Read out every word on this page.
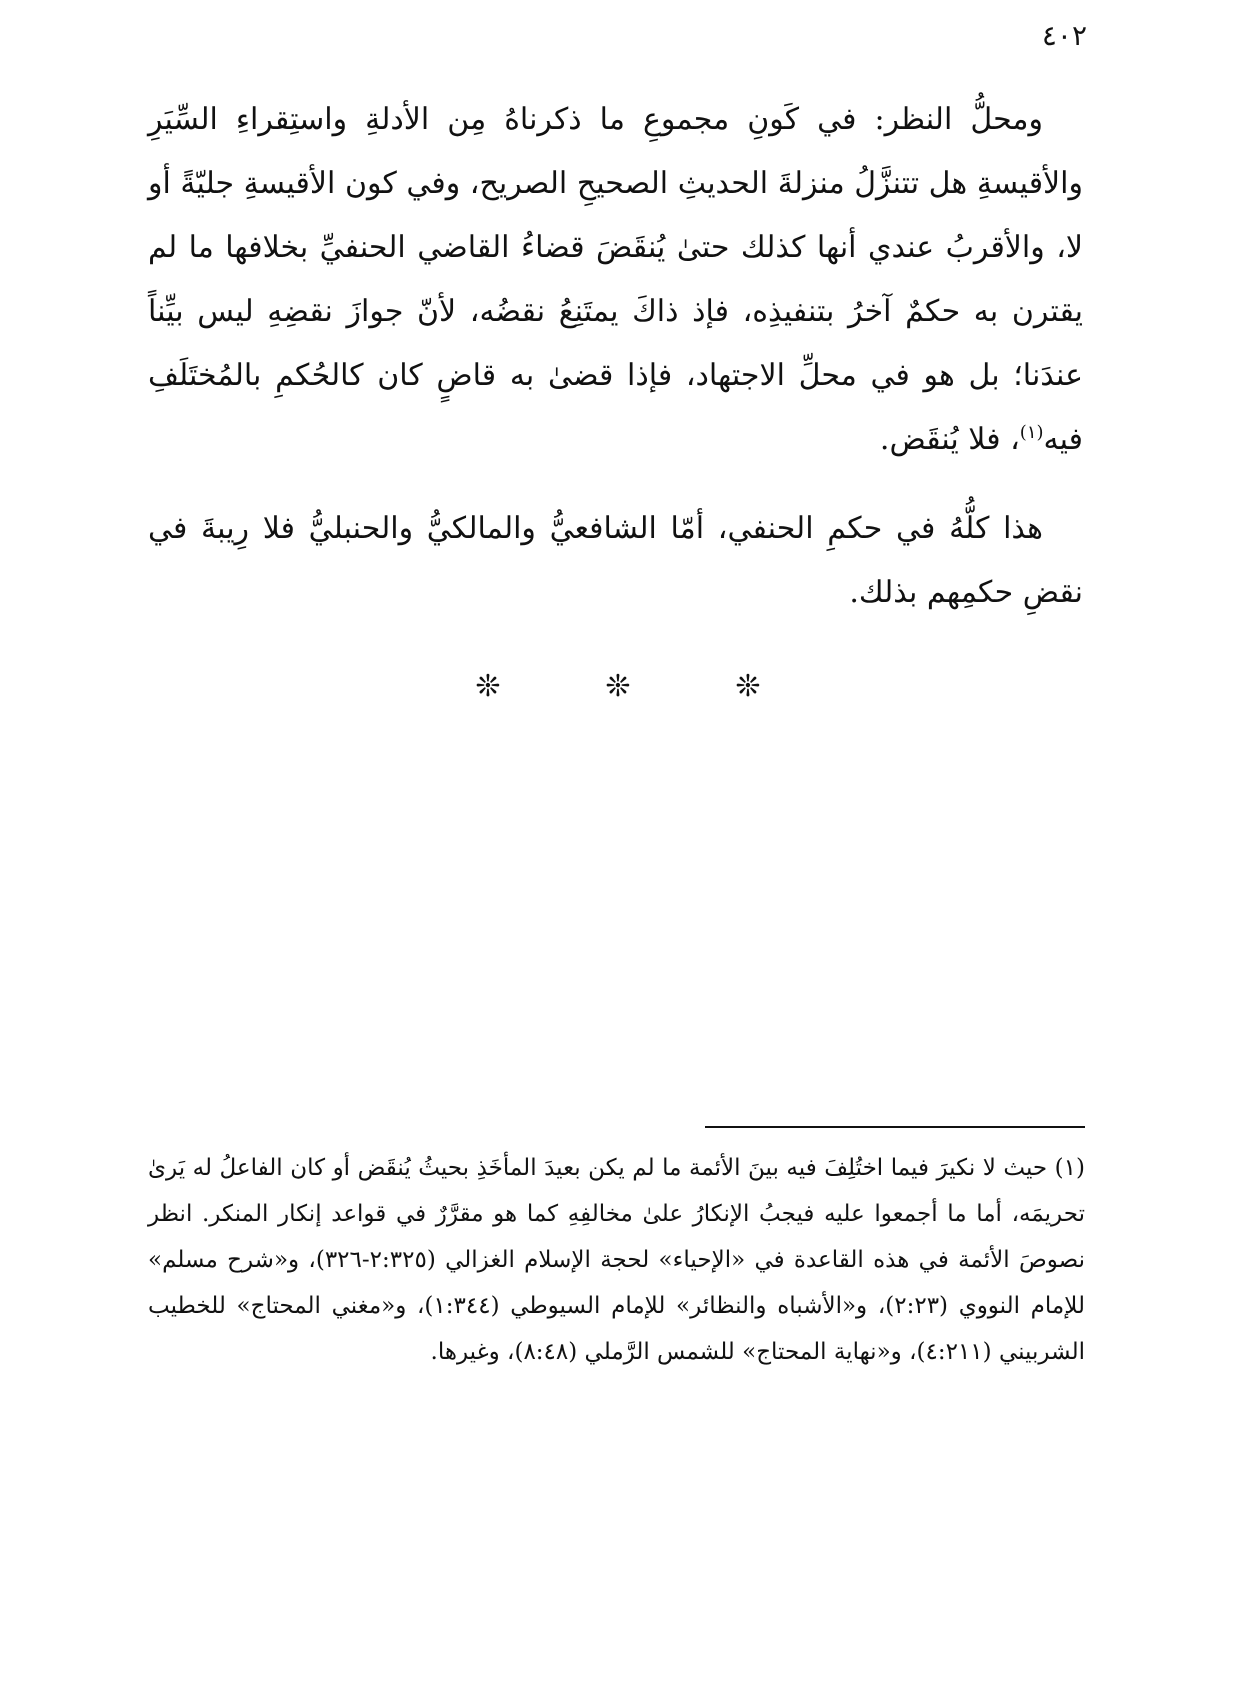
٤٠٢

ومحلُّ النظر: في كَونِ مجموعِ ما ذكرناهُ مِن الأدلةِ واستِقراءِ السِّيَرِ والأقيسةِ هل تتنزَّلُ منزلةَ الحديثِ الصحيحِ الصريح، وفي كون الأقيسةِ جليّةً أو لا، والأقربُ عندي أنها كذلك حتىٰ يُنقَضَ قضاءُ القاضي الحنفيِّ بخلافها ما لم يقترن به حكمٌ آخرُ بتنفيذِه، فإذ ذاكَ يمتَنِعُ نقضُه، لأنّ جوازَ نقضِهِ ليس بيِّناً عندَنا؛ بل هو في محلِّ الاجتهاد، فإذا قضىٰ به قاضٍ كان كالحُكمِ بالمُختَلَفِ فيه$^{(١)}$، فلا يُنقَض.

هذا كلُّهُ في حكمِ الحنفي، أمّا الشافعيُّ والمالكيُّ والحنبليُّ فلا رِيبةَ في نقضِ حكمِهم بذلك.

❊	❊	❊

(١) حيث لا نكيرَ فيما اختُلِفَ فيه بينَ الأئمة ما لم يكن بعيدَ المأخَذِ بحيثُ يُنقَض أو كان الفاعلُ له يَرىٰ تحريمَه، أما ما أجمعوا عليه فيجبُ الإنكارُ علىٰ مخالفِهِ كما هو مقرَّرٌ في قواعد إنكار المنكر. انظر نصوصَ الأئمة في هذه القاعدة في «الإحياء» لحجة الإسلام الغزالي (٢:٣٢٥-٣٢٦)، و«شرح مسلم» للإمام النووي (٢:٢٣)، و«الأشباه والنظائر» للإمام السيوطي (١:٣٤٤)، و«مغني المحتاج» للخطيب الشربيني (٤:٢١١)، و«نهاية المحتاج» للشمس الرَّملي (٨:٤٨)، وغيرها.
